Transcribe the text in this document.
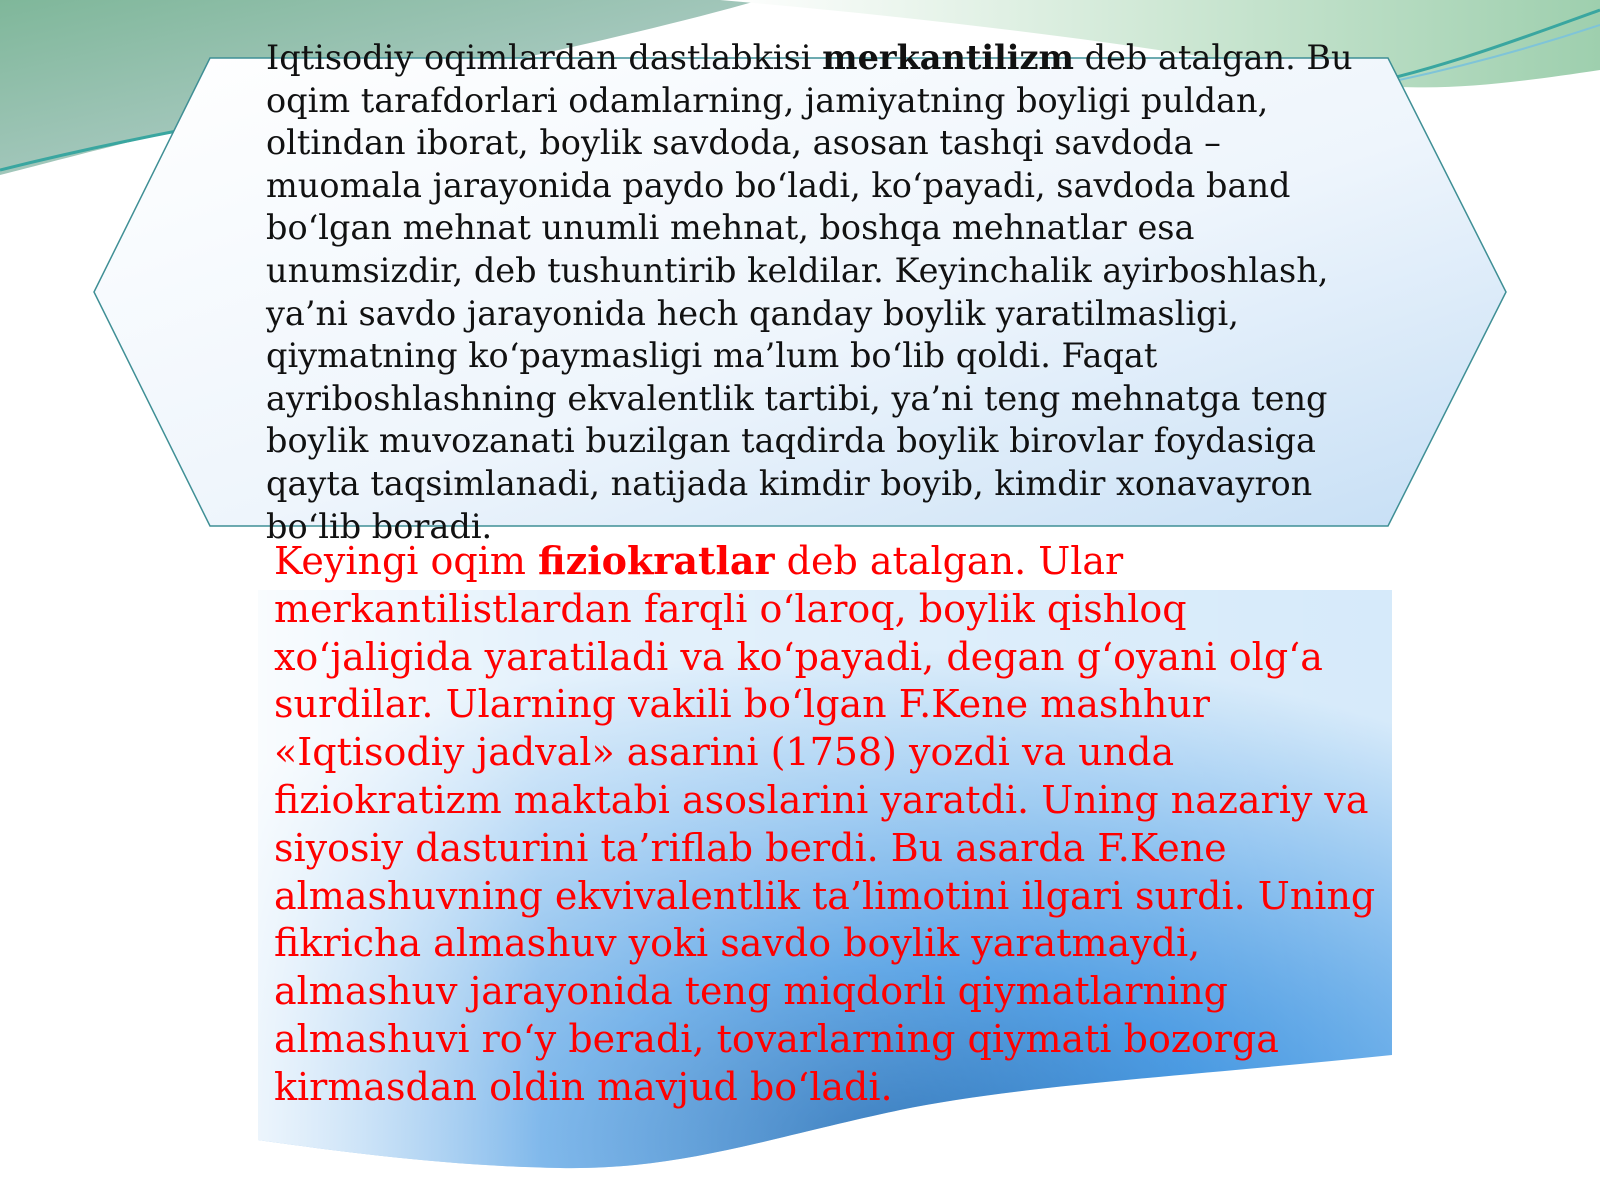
Iqtisodiy oqimlardan dastlabkisi merkantilizm deb atalgan. Bu oqim tarafdorlari odamlarning, jamiyatning boyligi puldan, oltindan iborat, boylik savdoda, asosan tashqi savdoda – muomala jarayonida paydo bo‘ladi, ko‘payadi, savdoda band bo‘lgan mehnat unumli mehnat, boshqa mehnatlar esa unumsizdir, deb tushuntirib keldilar. Keyinchalik ayirboshlash, ya’ni savdo jarayonida hech qanday boylik yaratilmasligi, qiymatning ko‘paymasligi ma’lum bo‘lib qoldi. Faqat ayriboshlashning ekvalentlik tartibi, ya’ni teng mehnatga teng boylik muvozanati buzilgan taqdirda boylik birovlar foydasiga qayta taqsimlanadi, natijada kimdir boyib, kimdir xonavayron bo‘lib boradi.

Keyingi oqim fiziokratlar deb atalgan. Ular merkantilistlardan farqli o‘laroq, boylik qishloq xo‘jaligida yaratiladi va ko‘payadi, degan g‘oyani olg‘a surdilar. Ularning vakili bo‘lgan F.Kene mashhur «Iqtisodiy jadval» asarini (1758) yozdi va unda fiziokratizm maktabi asoslarini yaratdi. Uning nazariy va siyosiy dasturini ta’riflab berdi. Bu asarda F.Kene almashuvning ekvivalentlik ta’limotini ilgari surdi. Uning fikricha almashuv yoki savdo boylik yaratmaydi, almashuv jarayonida teng miqdorli qiymatlarning almashuvi ro‘y beradi, tovarlarning qiymati bozorga kirmasdan oldin mavjud bo‘ladi.
